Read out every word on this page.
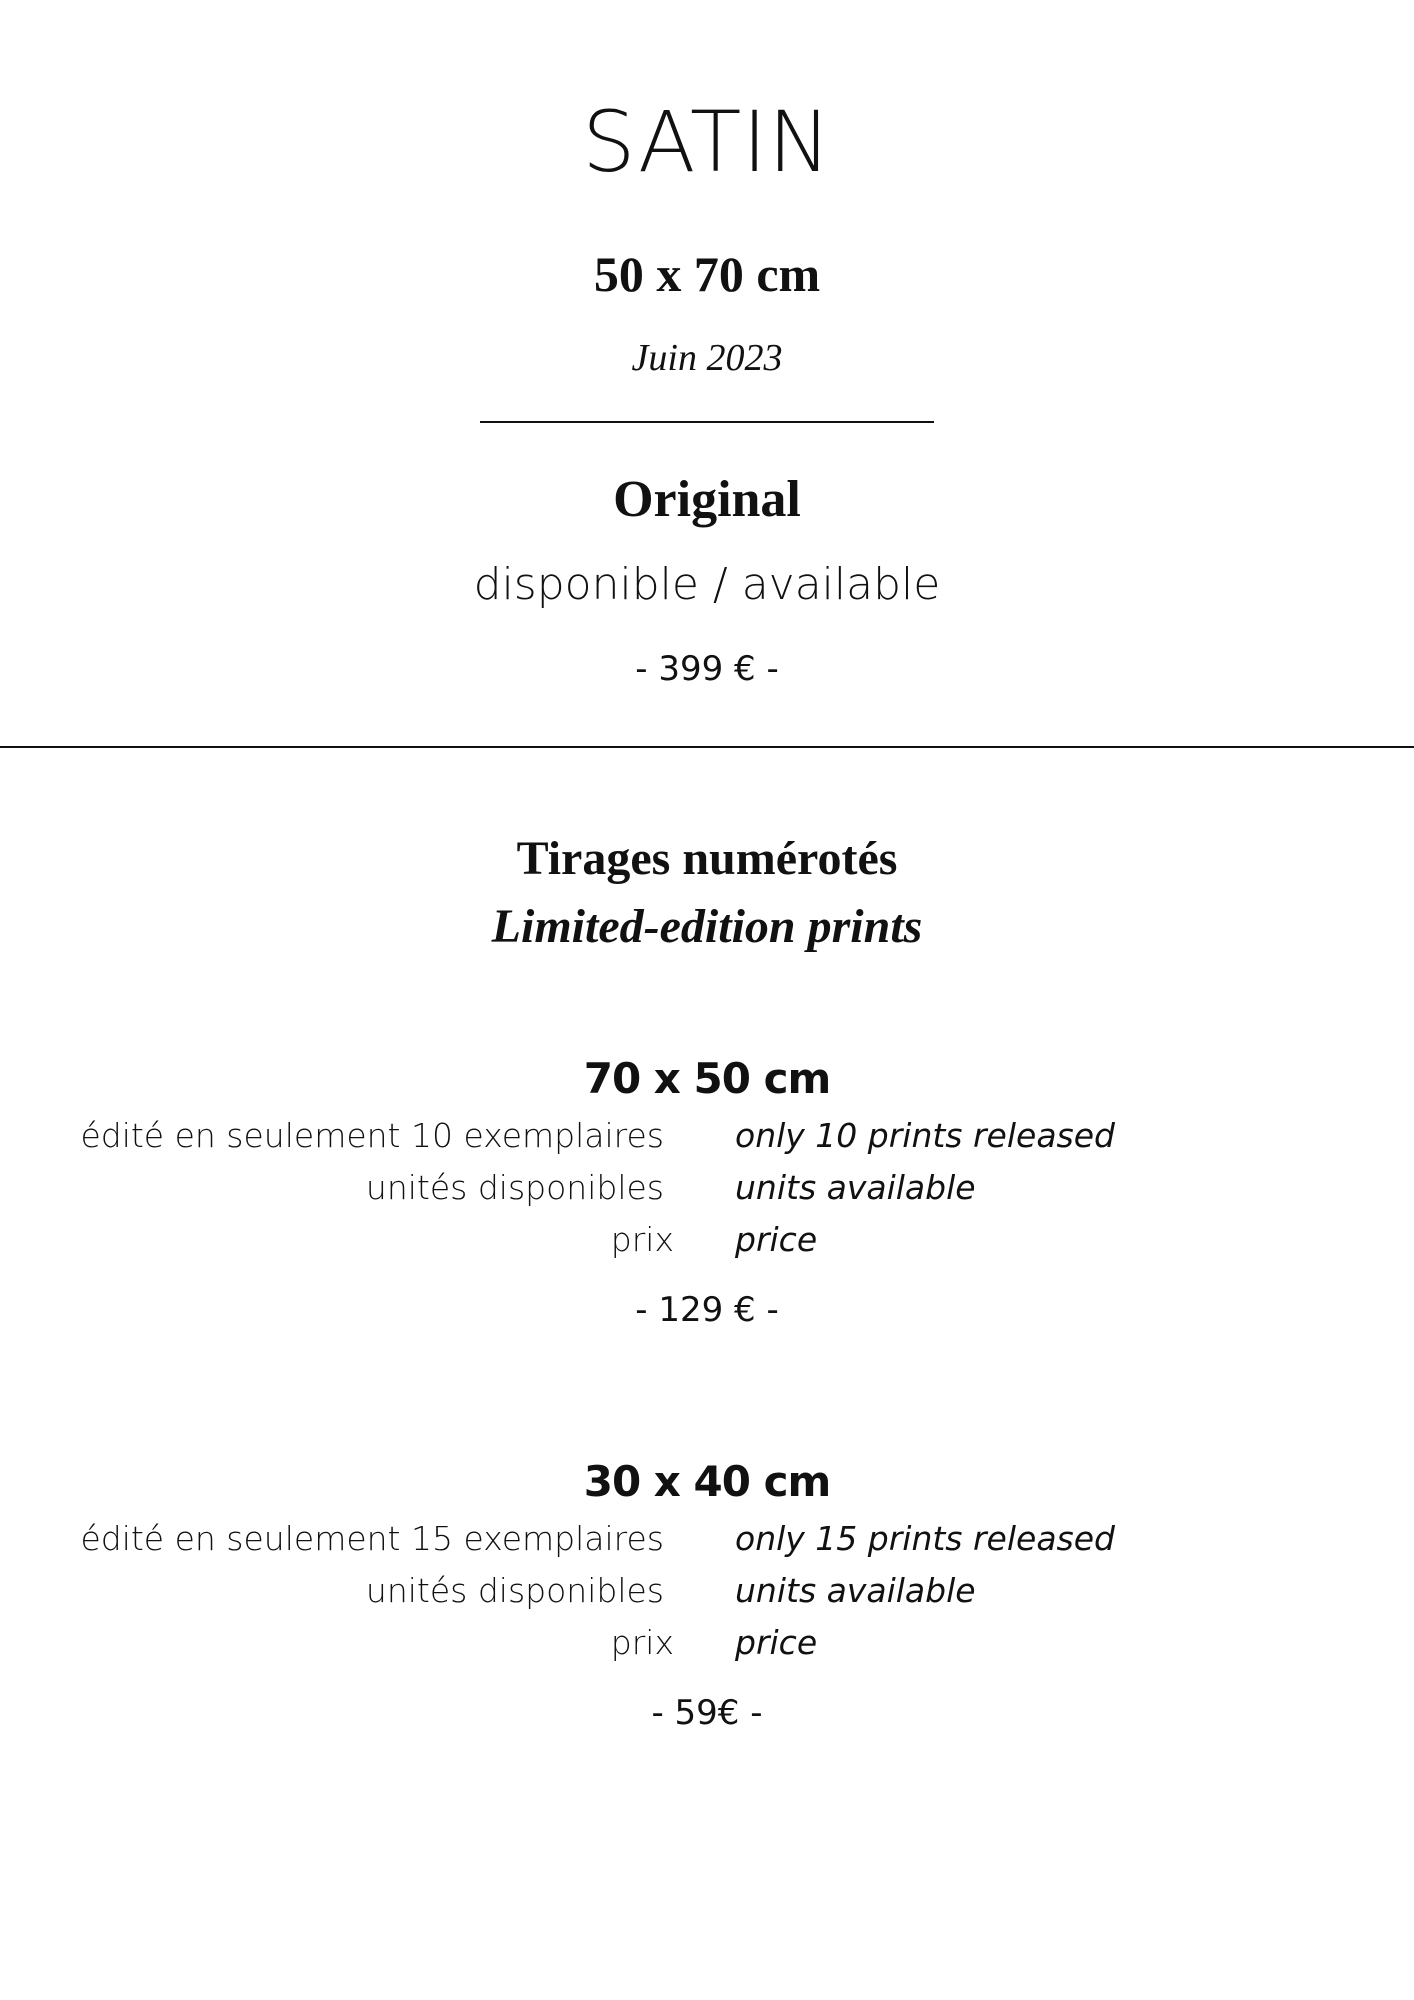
SATIN
50 x 70 cm
Juin 2023
Original
disponible / available
- 399 € -
Tirages numérotés
Limited-edition prints
70 x 50 cm
édité en seulement 10 exemplaires only 10 prints released
unités disponibles units available
prix price
- 129 € -
30 x 40 cm
édité en seulement 15 exemplaires only 15 prints released
unités disponibles units available
prix price
- 59€ -
